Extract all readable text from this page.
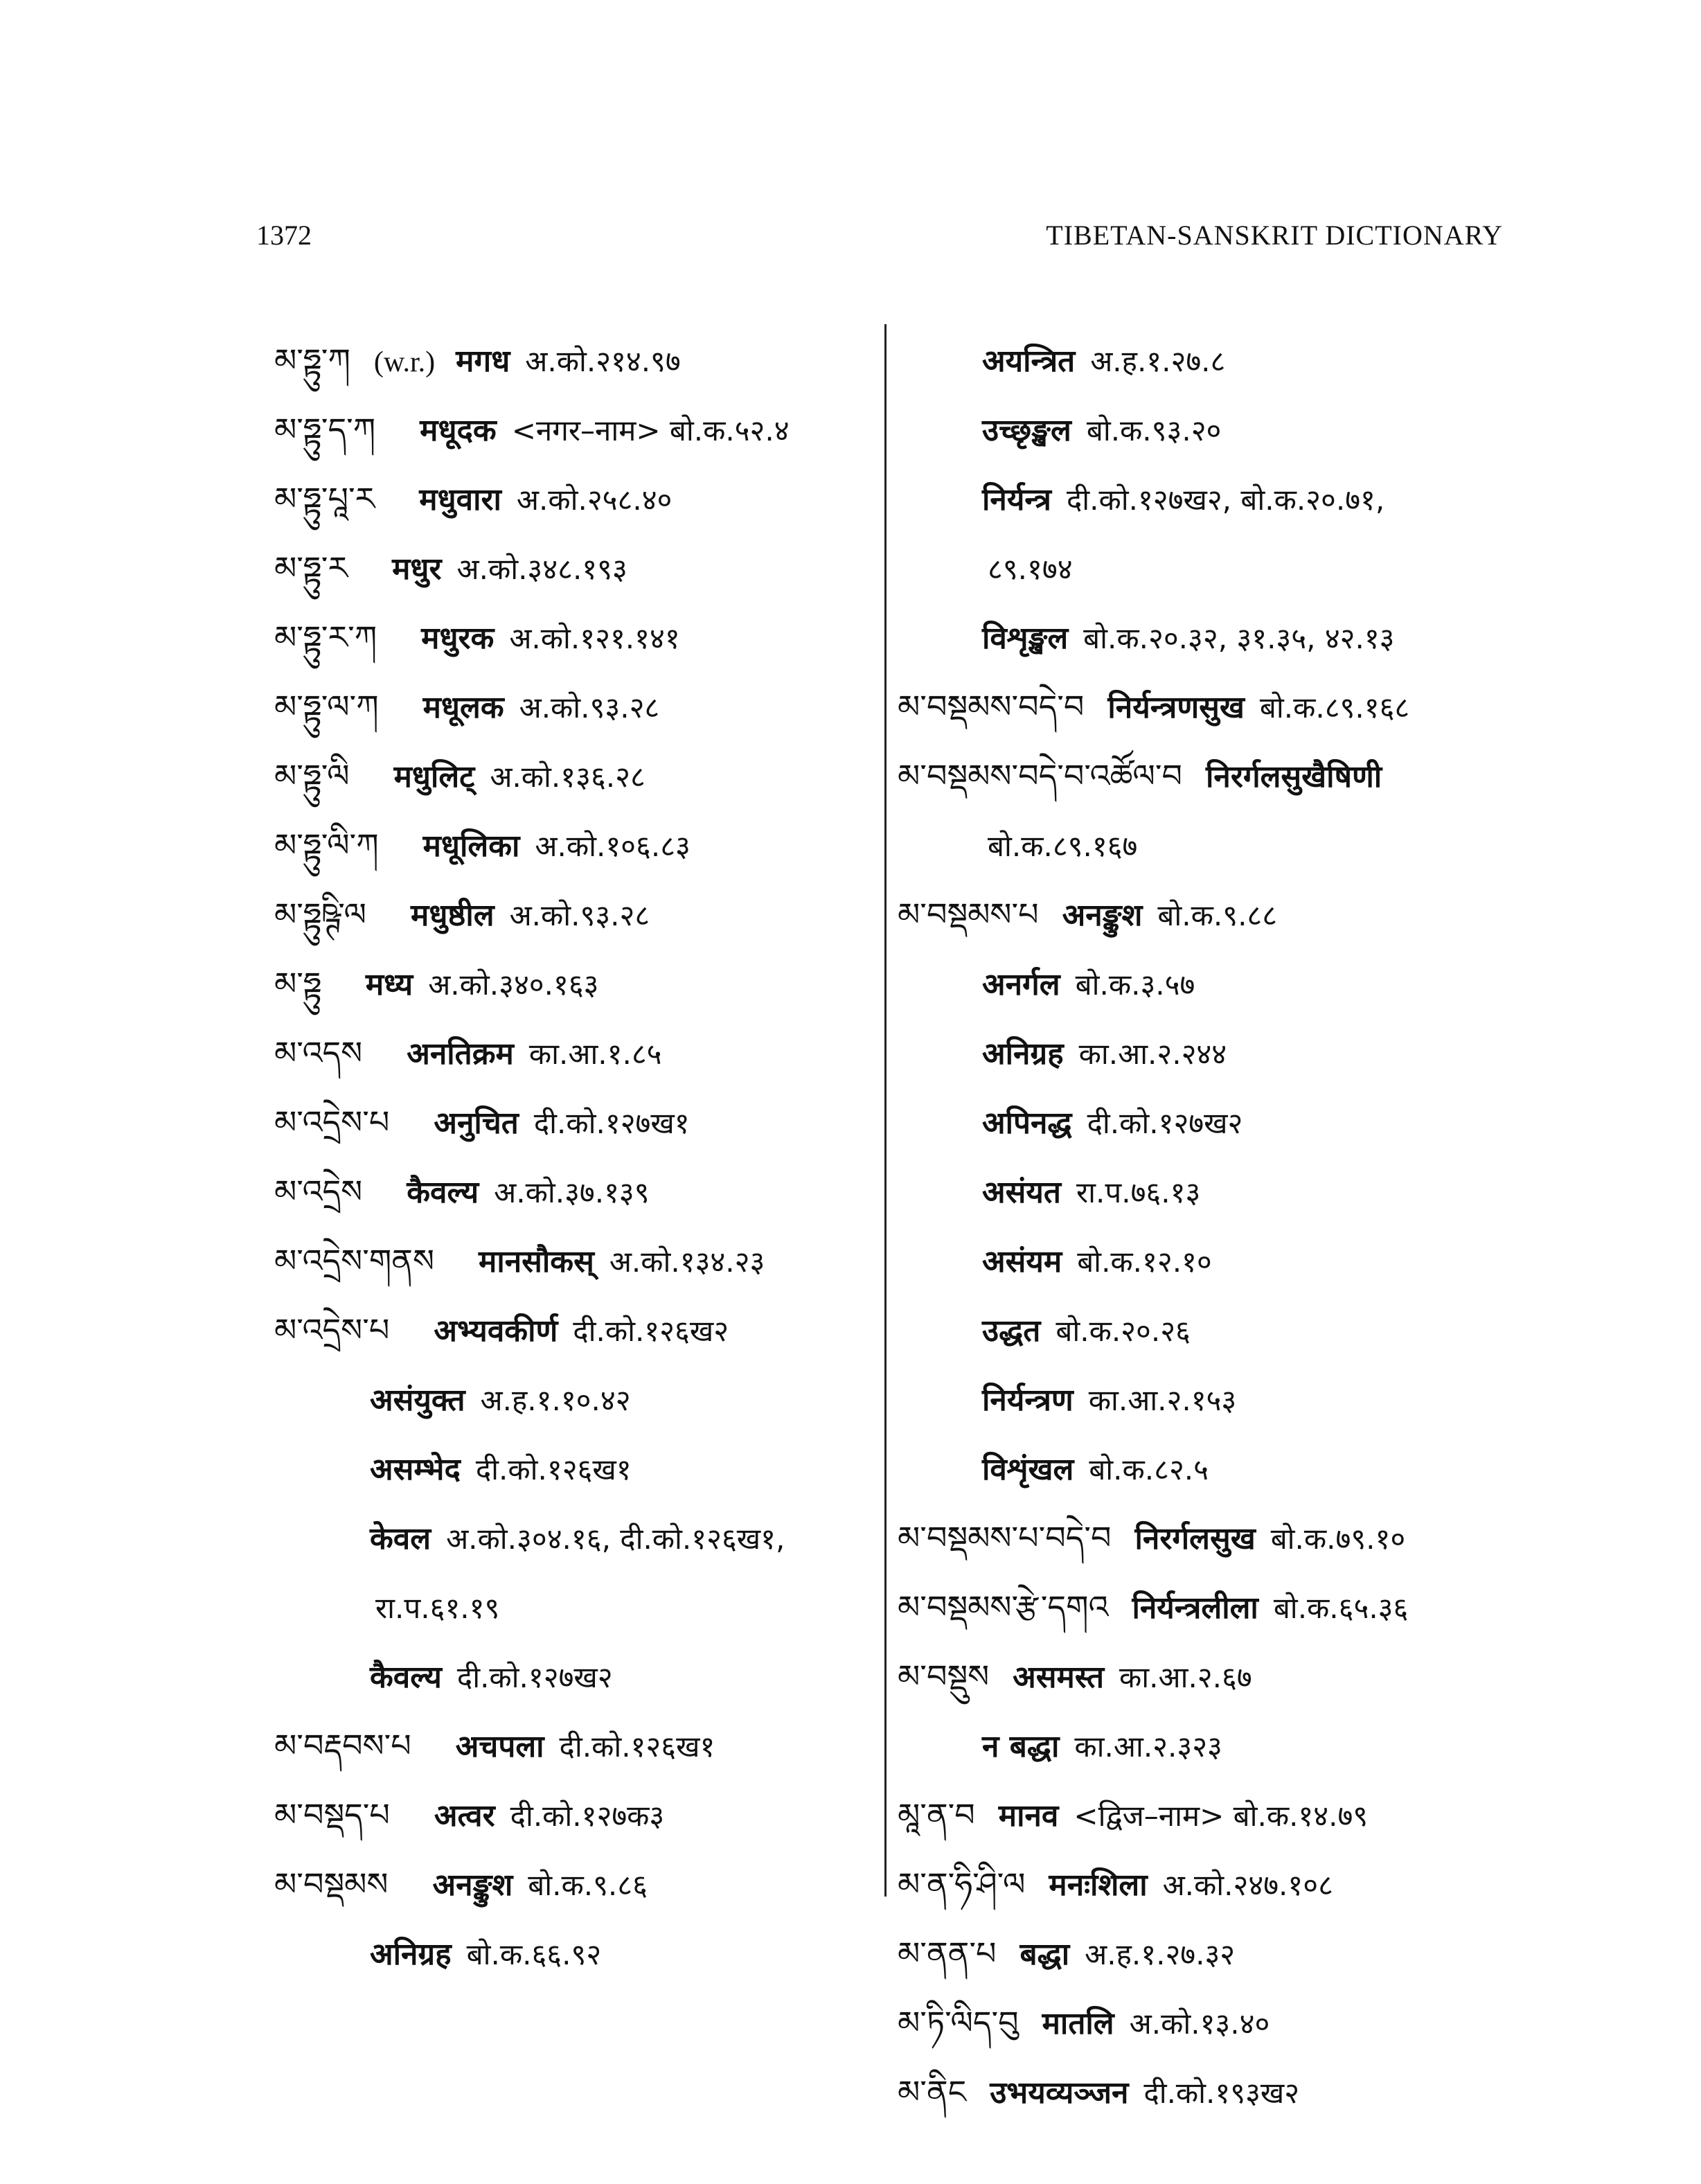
1372	TIBETAN-SANSKRIT DICTIONARY
མ་ཧྟུ་ཀ (w.r.) मगध अ.को.२१४.९७
མ་ཧྟུ་ད་ཀ मधूदक <नगर–नाम> बो.क.५२.४
མ་ཧྟུ་པཱ་ར मधुवारा अ.को.२५८.४०
མ་ཧྟུ་ར मधुर अ.को.३४८.१९३
མ་ཧྟུ་ར་ཀ मधुरक अ.को.१२१.१४१
མ་ཧྟུ་ལ་ཀ मधूलक अ.को.९३.२८
མ་ཧྟུ་ལི मधुलिट् अ.को.१३६.२८
མ་ཧྟུ་ལི་ཀ मधूलिका अ.को.१०६.८३
མ་ཧྟུཥྚི་ལ मधुष्ठील अ.को.९३.२८
མ་ཧྟུ मध्य अ.को.३४०.१६३
མ་འདས अनतिक्रम का.आ.१.८५
མ་འདྲེས་པ अनुचित दी.को.१२७ख१
མ་འདྲེས कैवल्य अ.को.३७.१३९
མ་འདྲེས་གནས मानसौकस् अ.को.१३४.२३
མ་འདྲེས་པ अभ्यवकीर्ण दी.को.१२६ख२
असंयुक्त अ.ह.१.१०.४२
असम्भेद दी.को.१२६ख१
केवल अ.को.३०४.१६, दी.को.१२६ख१,
रा.प.६१.१९
कैवल्य दी.को.१२७ख२
མ་བརྡབས་པ अचपला दी.को.१२६ख१
མ་བསྡད་པ अत्वर दी.को.१२७क३
མ་བསྡམས अनङ्कुश बो.क.९.८६
अनिग्रह बो.क.६६.९२
अयन्त्रित अ.ह.१.२७.८
उच्छृङ्खल बो.क.९३.२०
निर्यन्त्र दी.को.१२७ख२, बो.क.२०.७१,
८९.१७४
विशृङ्खल बो.क.२०.३२, ३१.३५, ४२.१३
མ་བསྡམས་བདེ་བ निर्यन्त्रणसुख बो.क.८९.१६८
མ་བསྡམས་བདེ་བ་འཚོལ་བ निरर्गलसुखैषिणी
बो.क.८९.१६७
མ་བསྡམས་པ अनङ्कुश बो.क.९.८८
अनर्गल बो.क.३.५७
अनिग्रह का.आ.२.२४४
अपिनद्ध दी.को.१२७ख२
असंयत रा.प.७६.१३
असंयम बो.क.१२.१०
उद्धत बो.क.२०.२६
निर्यन्त्रण का.आ.२.१५३
विशृंखल बो.क.८२.५
མ་བསྡམས་པ་བདེ་བ निरर्गलसुख बो.क.७९.१०
མ་བསྡམས་རྩེ་དགའ निर्यन्त्रलीला बो.क.६५.३६
མ་བསྡུས असमस्त का.आ.२.६७
न बद्धा का.आ.२.३२३
མཱ་ན་བ मानव <द्विज–नाम> बो.क.१४.७९
མ་ན་ཧི་ཤི་ལ मनःशिला अ.को.२४७.१०८
མ་ནན་པ बद्धा अ.ह.१.२७.३२
མ་ཏི་ལིད་བུ मातलि अ.को.१३.४०
མ་ནིང उभयव्यञ्जन दी.को.१९३ख२
